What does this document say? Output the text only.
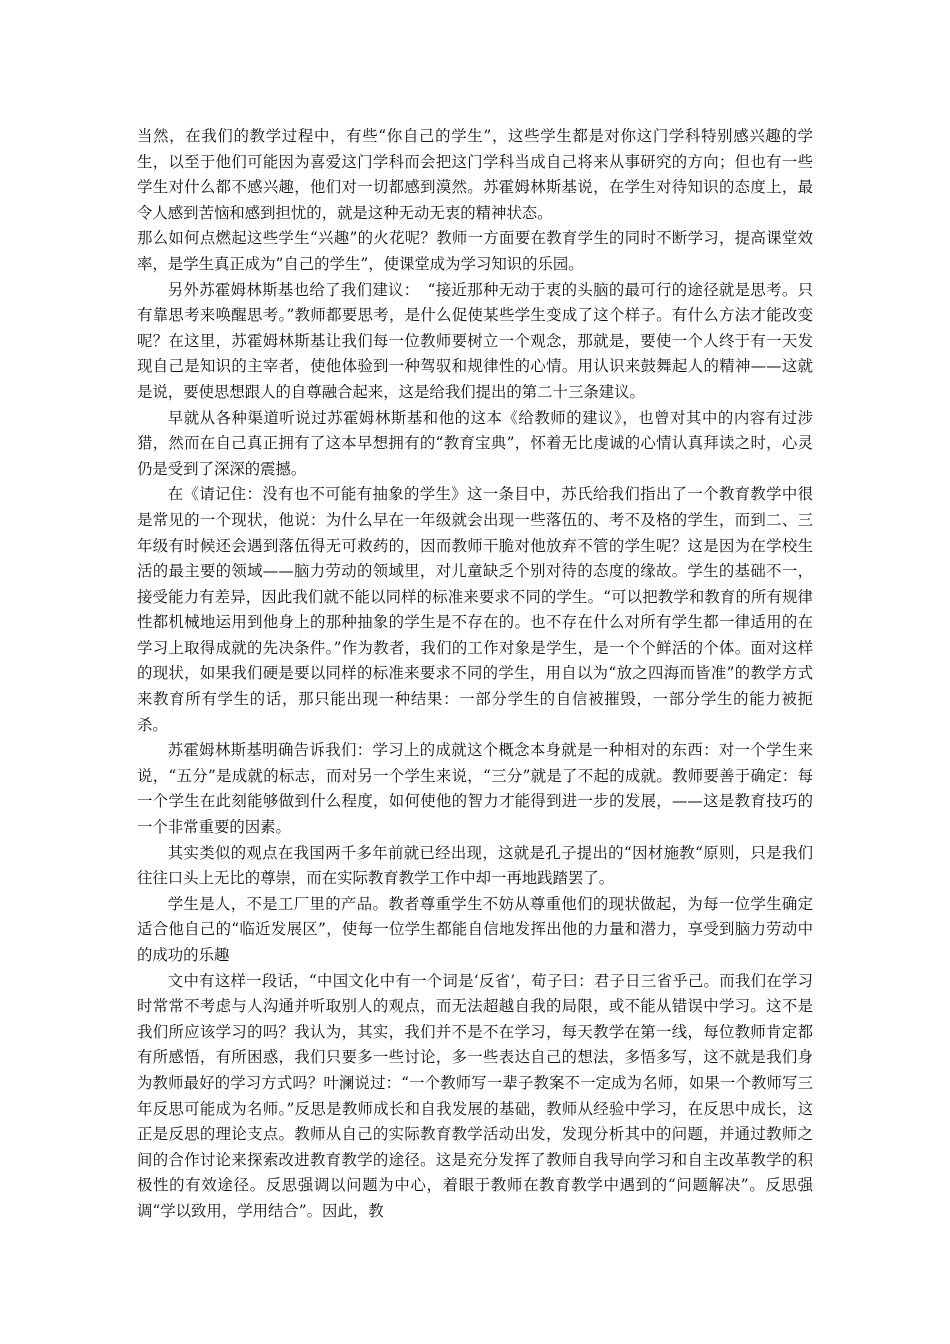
当然，在我们的教学过程中，有些“你自己的学生”，这些学生都是对你这门学科特别感兴趣的学生，以至于他们可能因为喜爱这门学科而会把这门学科当成自己将来从事研究的方向；但也有一些学生对什么都不感兴趣，他们对一切都感到漠然。苏霍姆林斯基说，在学生对待知识的态度上，最令人感到苦恼和感到担忧的，就是这种无动无衷的精神状态。

那么如何点燃起这些学生“兴趣”的火花呢？教师一方面要在教育学生的同时不断学习，提高课堂效率，是学生真正成为”自己的学生”，使课堂成为学习知识的乐园。

另外苏霍姆林斯基也给了我们建议：　“接近那种无动于衷的头脑的最可行的途径就是思考。只有靠思考来唤醒思考。”教师都要思考，是什么促使某些学生变成了这个样子。有什么方法才能改变呢？在这里，苏霍姆林斯基让我们每一位教师要树立一个观念，那就是，要使一个人终于有一天发现自己是知识的主宰者，使他体验到一种驾驭和规律性的心情。用认识来鼓舞起人的精神——这就是说，要使思想跟人的自尊融合起来，这是给我们提出的第二十三条建议。

早就从各种渠道听说过苏霍姆林斯基和他的这本《给教师的建议》，也曾对其中的内容有过涉猎，然而在自己真正拥有了这本早想拥有的“教育宝典”，怀着无比虔诚的心情认真拜读之时，心灵仍是受到了深深的震撼。

在《请记住：没有也不可能有抽象的学生》这一条目中，苏氏给我们指出了一个教育教学中很是常见的一个现状，他说：为什么早在一年级就会出现一些落伍的、考不及格的学生，而到二、三年级有时候还会遇到落伍得无可救药的，因而教师干脆对他放弃不管的学生呢？这是因为在学校生活的最主要的领域——脑力劳动的领域里，对儿童缺乏个别对待的态度的缘故。学生的基础不一，接受能力有差异，因此我们就不能以同样的标准来要求不同的学生。“可以把教学和教育的所有规律性都机械地运用到他身上的那种抽象的学生是不存在的。也不存在什么对所有学生都一律适用的在学习上取得成就的先决条件。”作为教者，我们的工作对象是学生，是一个个鲜活的个体。面对这样的现状，如果我们硬是要以同样的标准来要求不同的学生，用自以为“放之四海而皆准”的教学方式来教育所有学生的话，那只能出现一种结果：一部分学生的自信被摧毁，一部分学生的能力被扼杀。

苏霍姆林斯基明确告诉我们：学习上的成就这个概念本身就是一种相对的东西：对一个学生来说，“五分”是成就的标志，而对另一个学生来说，“三分”就是了不起的成就。教师要善于确定：每一个学生在此刻能够做到什么程度，如何使他的智力才能得到进一步的发展，——这是教育技巧的一个非常重要的因素。

其实类似的观点在我国两千多年前就已经出现，这就是孔子提出的“因材施教“原则，只是我们往往口头上无比的尊崇，而在实际教育教学工作中却一再地践踏罢了。

学生是人，不是工厂里的产品。教者尊重学生不妨从尊重他们的现状做起，为每一位学生确定适合他自己的“临近发展区”，使每一位学生都能自信地发挥出他的力量和潜力，享受到脑力劳动中的成功的乐趣

文中有这样一段话，“中国文化中有一个词是‘反省’，荀子曰：君子日三省乎己。而我们在学习时常常不考虑与人沟通并听取别人的观点，而无法超越自我的局限，或不能从错误中学习。这不是我们所应该学习的吗？我认为，其实，我们并不是不在学习，每天教学在第一线，每位教师肯定都有所感悟，有所困惑，我们只要多一些讨论，多一些表达自己的想法，多悟多写，这不就是我们身为教师最好的学习方式吗？叶澜说过：“一个教师写一辈子教案不一定成为名师，如果一个教师写三年反思可能成为名师。”反思是教师成长和自我发展的基础，教师从经验中学习，在反思中成长，这正是反思的理论支点。教师从自己的实际教育教学活动出发，发现分析其中的问题，并通过教师之间的合作讨论来探索改进教育教学的途径。这是充分发挥了教师自我导向学习和自主改革教学的积极性的有效途径。反思强调以问题为中心，着眼于教师在教育教学中遇到的“问题解决”。反思强调“学以致用，学用结合”。因此，教
